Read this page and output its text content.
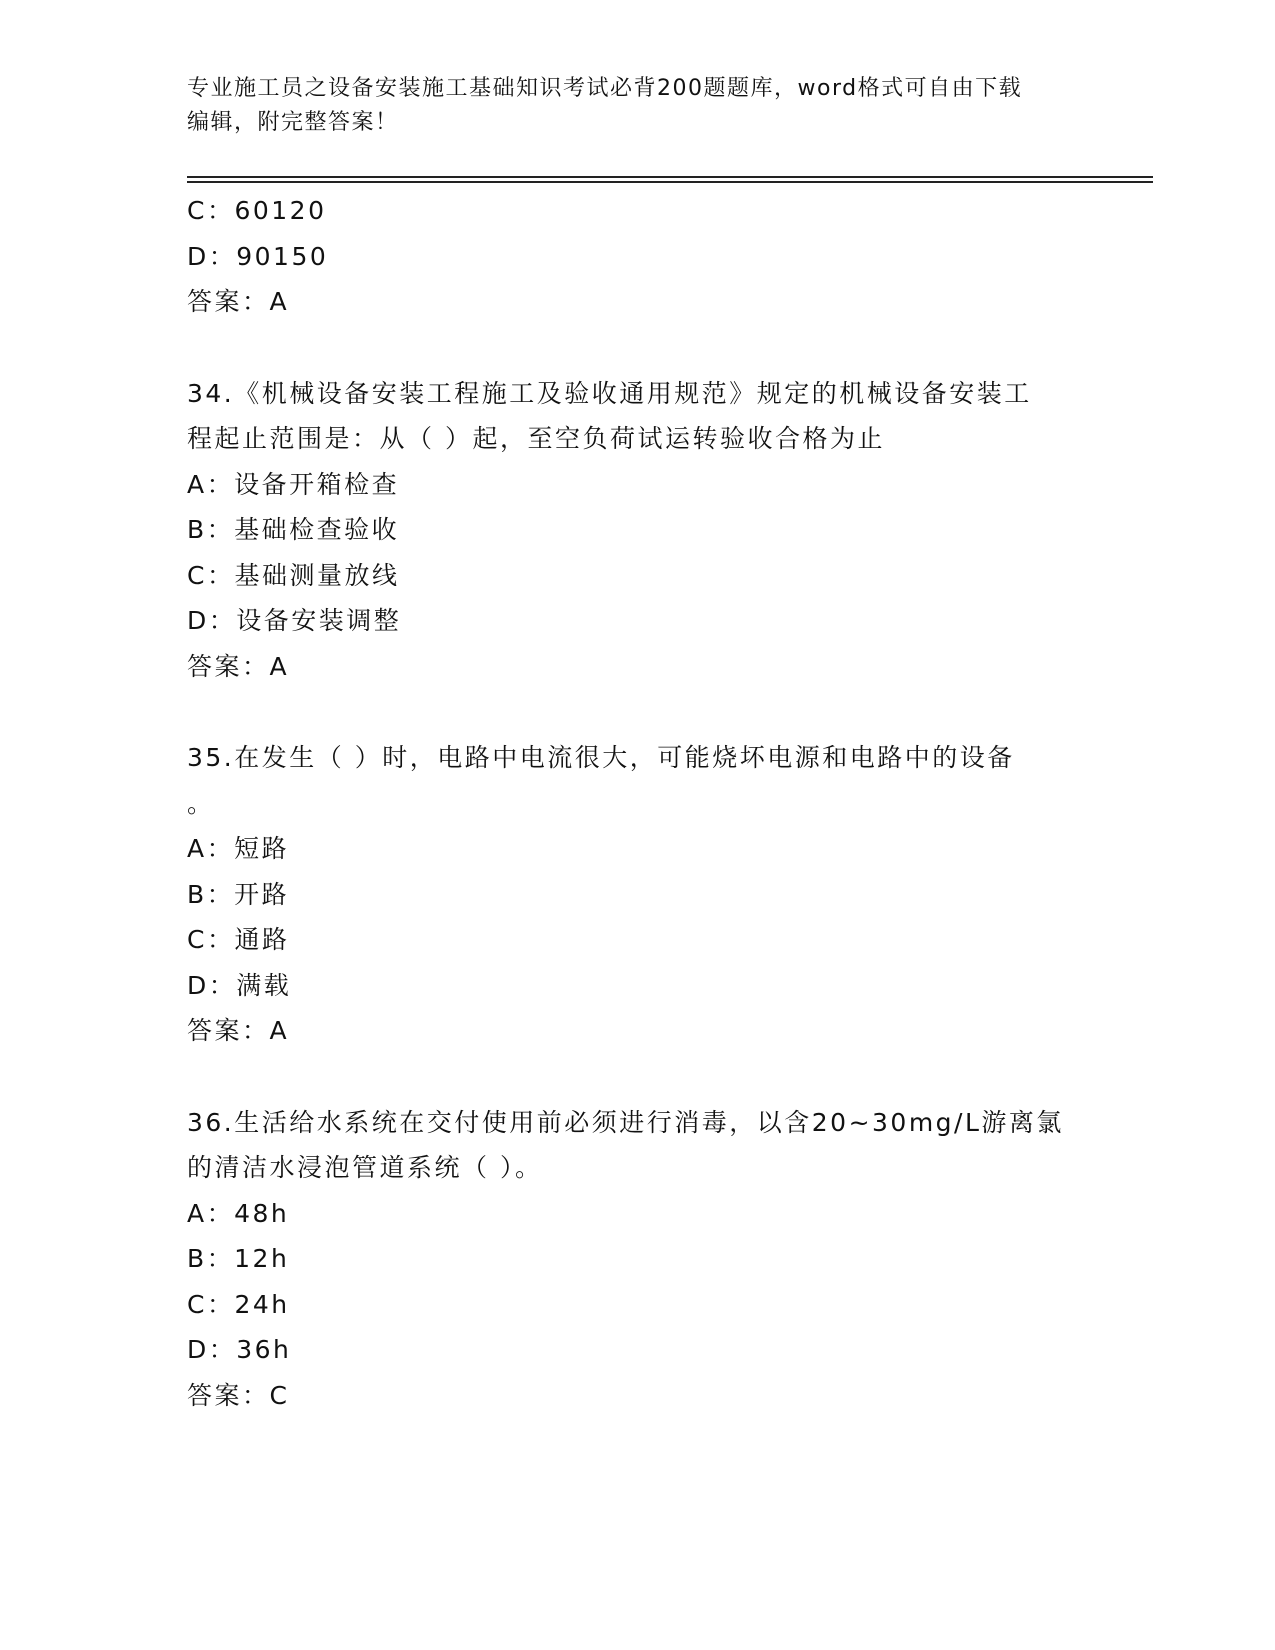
专业施工员之设备安装施工基础知识考试必背200题题库，word格式可自由下载
编辑，附完整答案！
C：60120
D：90150
答案：A
34.《机械设备安装工程施工及验收通用规范》规定的机械设备安装工
程起止范围是：从（ ）起，至空负荷试运转验收合格为止
A：设备开箱检查
B：基础检查验收
C：基础测量放线
D：设备安装调整
答案：A
35.在发生（ ）时，电路中电流很大，可能烧坏电源和电路中的设备
。
A：短路
B：开路
C：通路
D：满载
答案：A
36.生活给水系统在交付使用前必须进行消毒，以含20~30mg/L游离氯
的清洁水浸泡管道系统（ ）。
A：48h
B：12h
C：24h
D：36h
答案：C
